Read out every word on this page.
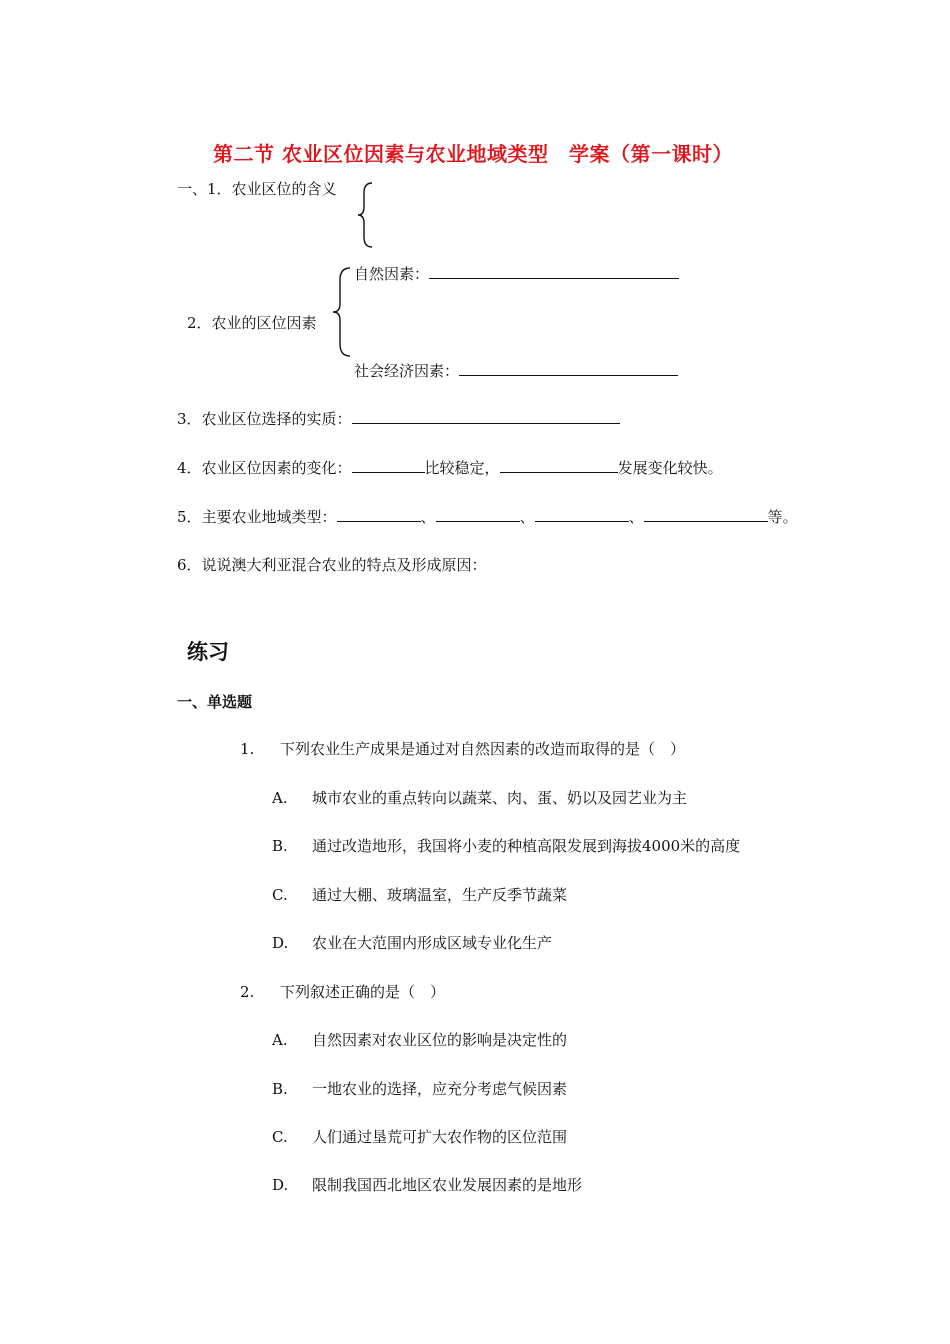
第二节 农业区位因素与农业地域类型　学案（第一课时）
一、1．农业区位的含义
自然因素：
2．农业的区位因素
社会经济因素：
3．农业区位选择的实质：
4．农业区位因素的变化：	比较稳定，	发展变化较快。
5．主要农业地域类型：	、	、	、	等。
6．说说澳大利亚混合农业的特点及形成原因：
练习
一、单选题
1. 下列农业生产成果是通过对自然因素的改造而取得的是（　）
A. 城市农业的重点转向以蔬菜、肉、蛋、奶以及园艺业为主
B. 通过改造地形，我国将小麦的种植高限发展到海拔4000米的高度
C. 通过大棚、玻璃温室，生产反季节蔬菜
D. 农业在大范围内形成区域专业化生产
2. 下列叙述正确的是（　）
A. 自然因素对农业区位的影响是决定性的
B. 一地农业的选择，应充分考虑气候因素
C. 人们通过垦荒可扩大农作物的区位范围
D. 限制我国西北地区农业发展因素的是地形
